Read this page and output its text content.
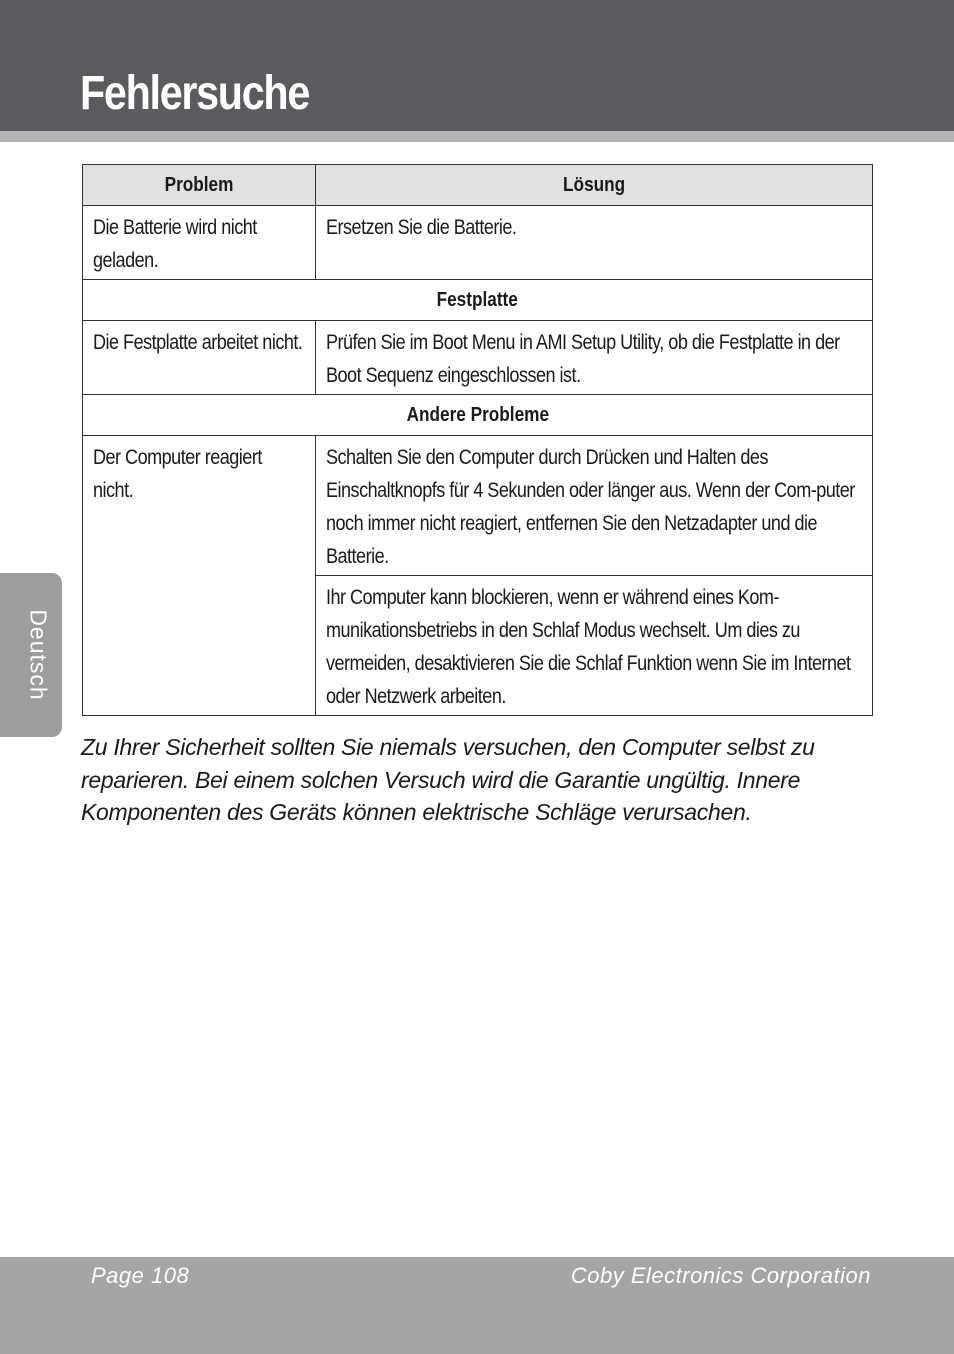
Fehlersuche
Deutsch
Problem	Lösung

Die Batterie wird nicht geladen.	Ersetzen Sie die Batterie.

Festplatte	

Die Festplatte arbeitet nicht.	Prüfen Sie im Boot Menu in AMI Setup Utility, ob die Festplatte in der Boot Sequenz eingeschlossen ist.

Andere Probleme	

Der Computer reagiert nicht.	Schalten Sie den Computer durch Drücken und Halten des Einschaltknopfs für 4 Sekunden oder länger aus. Wenn der Com-puter noch immer nicht reagiert, entfernen Sie den Netzadapter und die Batterie.

	Ihr Computer kann blockieren, wenn er während eines Kom-munikationsbetriebs in den Schlaf Modus wechselt. Um dies zu vermeiden, desaktivieren Sie die Schlaf Funktion wenn Sie im Internet oder Netzwerk arbeiten.

Zu Ihrer Sicherheit sollten Sie niemals versuchen, den Computer selbst zu reparieren. Bei einem solchen Versuch wird die Garantie ungültig. Innere Komponenten des Geräts können elektrische Schläge verursachen.

Page 108	Coby Electronics Corporation
